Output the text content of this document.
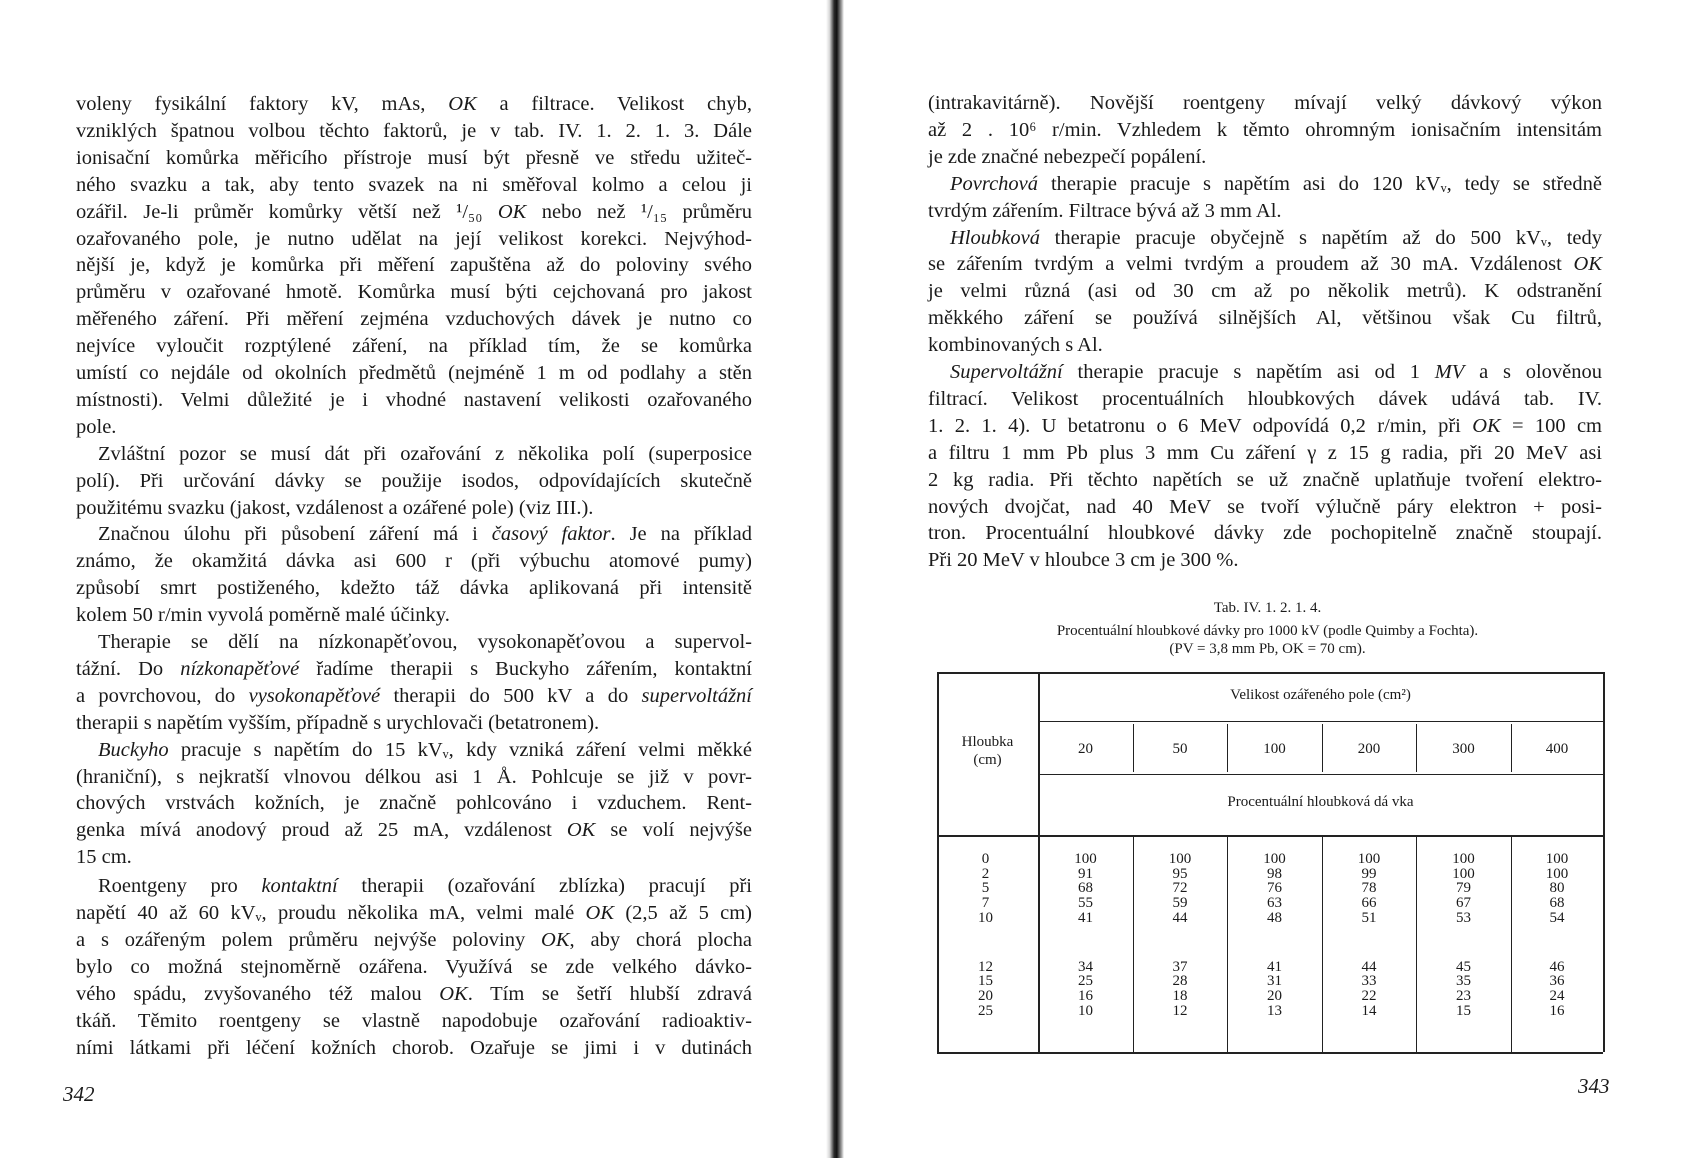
voleny fysikální faktory kV, mAs, OK a filtrace. Velikost chyb,
vzniklých špatnou volbou těchto faktorů, je v tab. IV. 1. 2. 1. 3. Dále
ionisační komůrka měřicího přístroje musí být přesně ve středu užiteč-
ného svazku a tak, aby tento svazek na ni směřoval kolmo a celou ji
ozářil. Je-li průměr komůrky větší než ¹/₅₀ OK nebo než ¹/₁₅ průměru
ozařovaného pole, je nutno udělat na její velikost korekci. Nejvýhod-
nější je, když je komůrka při měření zapuštěna až do poloviny svého
průměru v ozařované hmotě. Komůrka musí býti cejchovaná pro jakost
měřeného záření. Při měření zejména vzduchových dávek je nutno co
nejvíce vyloučit rozptýlené záření, na příklad tím, že se komůrka
umístí co nejdále od okolních předmětů (nejméně 1 m od podlahy a stěn
místnosti). Velmi důležité je i vhodné nastavení velikosti ozařovaného
pole.
Zvláštní pozor se musí dát při ozařování z několika polí (superposice
polí). Při určování dávky se použije isodos, odpovídajících skutečně
použitému svazku (jakost, vzdálenost a ozářené pole) (viz III.).
Značnou úlohu při působení záření má i časový faktor. Je na příklad
známo, že okamžitá dávka asi 600 r (při výbuchu atomové pumy)
způsobí smrt postiženého, kdežto táž dávka aplikovaná při intensitě
kolem 50 r/min vyvolá poměrně malé účinky.
Therapie se dělí na nízkonapěťovou, vysokonapěťovou a supervol-
tážní. Do nízkonapěťové řadíme therapii s Buckyho zářením, kontaktní
a povrchovou, do vysokonapěťové therapii do 500 kV a do supervoltážní
therapii s napětím vyšším, případně s urychlovači (betatronem).
Buckyho pracuje s napětím do 15 kVᵥ, kdy vzniká záření velmi měkké
(hraniční), s nejkratší vlnovou délkou asi 1 Å. Pohlcuje se již v povr-
chových vrstvách kožních, je značně pohlcováno i vzduchem. Rent-
genka mívá anodový proud až 25 mA, vzdálenost OK se volí nejvýše
15 cm.
Roentgeny pro kontaktní therapii (ozařování zblízka) pracují při
napětí 40 až 60 kVᵥ, proudu několika mA, velmi malé OK (2,5 až 5 cm)
a s ozářeným polem průměru nejvýše poloviny OK, aby chorá plocha
bylo co možná stejnoměrně ozářena. Využívá se zde velkého dávko-
vého spádu, zvyšovaného též malou OK. Tím se šetří hlubší zdravá
tkáň. Těmito roentgeny se vlastně napodobuje ozařování radioaktiv-
ními látkami při léčení kožních chorob. Ozařuje se jimi i v dutinách
342
(intrakavitárně). Novější roentgeny mívají velký dávkový výkon
až 2 . 10⁶ r/min. Vzhledem k těmto ohromným ionisačním intensitám
je zde značné nebezpečí popálení.
Povrchová therapie pracuje s napětím asi do 120 kVᵥ, tedy se středně
tvrdým zářením. Filtrace bývá až 3 mm Al.
Hloubková therapie pracuje obyčejně s napětím až do 500 kVᵥ, tedy
se zářením tvrdým a velmi tvrdým a proudem až 30 mA. Vzdálenost OK
je velmi různá (asi od 30 cm až po několik metrů). K odstranění
měkkého záření se používá silnějších Al, většinou však Cu filtrů,
kombinovaných s Al.
Supervoltážní therapie pracuje s napětím asi od 1 MV a s olověnou
filtrací. Velikost procentuálních hloubkových dávek udává tab. IV.
1. 2. 1. 4). U betatronu o 6 MeV odpovídá 0,2 r/min, při OK = 100 cm
a filtru 1 mm Pb plus 3 mm Cu záření γ z 15 g radia, při 20 MeV asi
2 kg radia. Při těchto napětích se už značně uplatňuje tvoření elektro-
nových dvojčat, nad 40 MeV se tvoří výlučně páry elektron + posi-
tron. Procentuální hloubkové dávky zde pochopitelně značně stoupají.
Při 20 MeV v hloubce 3 cm je 300 %.
343
Tab. IV. 1. 2. 1. 4.
Procentuální hloubkové dávky pro 1000 kV (podle Quimby a Fochta).
(PV = 3,8 mm Pb, OK = 70 cm).
Hloubka
(cm)
Velikost ozářeného pole (cm²)
Procentuální hloubková dá vka
20	50	100	200	300	400
0	100	100	100	100	100	100
2	91	95	98	99	100	100
5	68	72	76	78	79	80
7	55	59	63	66	67	68
10	41	44	48	51	53	54
12	34	37	41	44	45	46
15	25	28	31	33	35	36
20	16	18	20	22	23	24
25	10	12	13	14	15	16
